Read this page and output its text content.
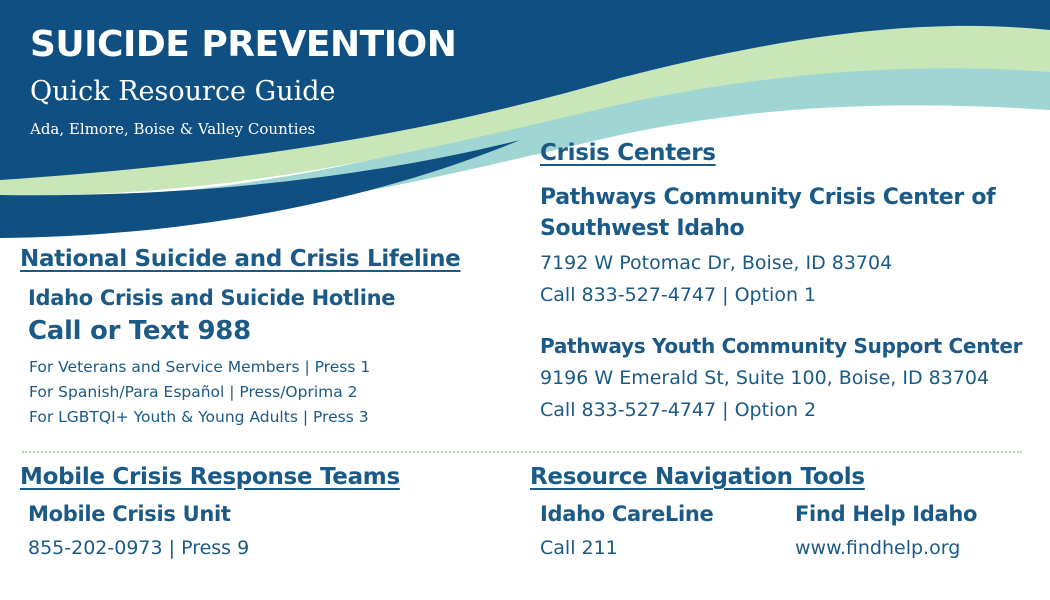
SUICIDE PREVENTION
Quick Resource Guide
Ada, Elmore, Boise & Valley Counties
National Suicide and Crisis Lifeline
Idaho Crisis and Suicide Hotline
Call or Text 988
For Veterans and Service Members | Press 1
For Spanish/Para Español | Press/Oprima 2
For LGBTQI+ Youth & Young Adults | Press 3
Crisis Centers
Pathways Community Crisis Center of
Southwest Idaho
7192 W Potomac Dr, Boise, ID 83704
Call 833-527-4747 | Option 1
Pathways Youth Community Support Center
9196 W Emerald St, Suite 100, Boise, ID 83704
Call 833-527-4747 | Option 2
Mobile Crisis Response Teams
Mobile Crisis Unit
855-202-0973 | Press 9
Resource Navigation Tools
Idaho CareLine
Call 211
Find Help Idaho
www.findhelp.org
